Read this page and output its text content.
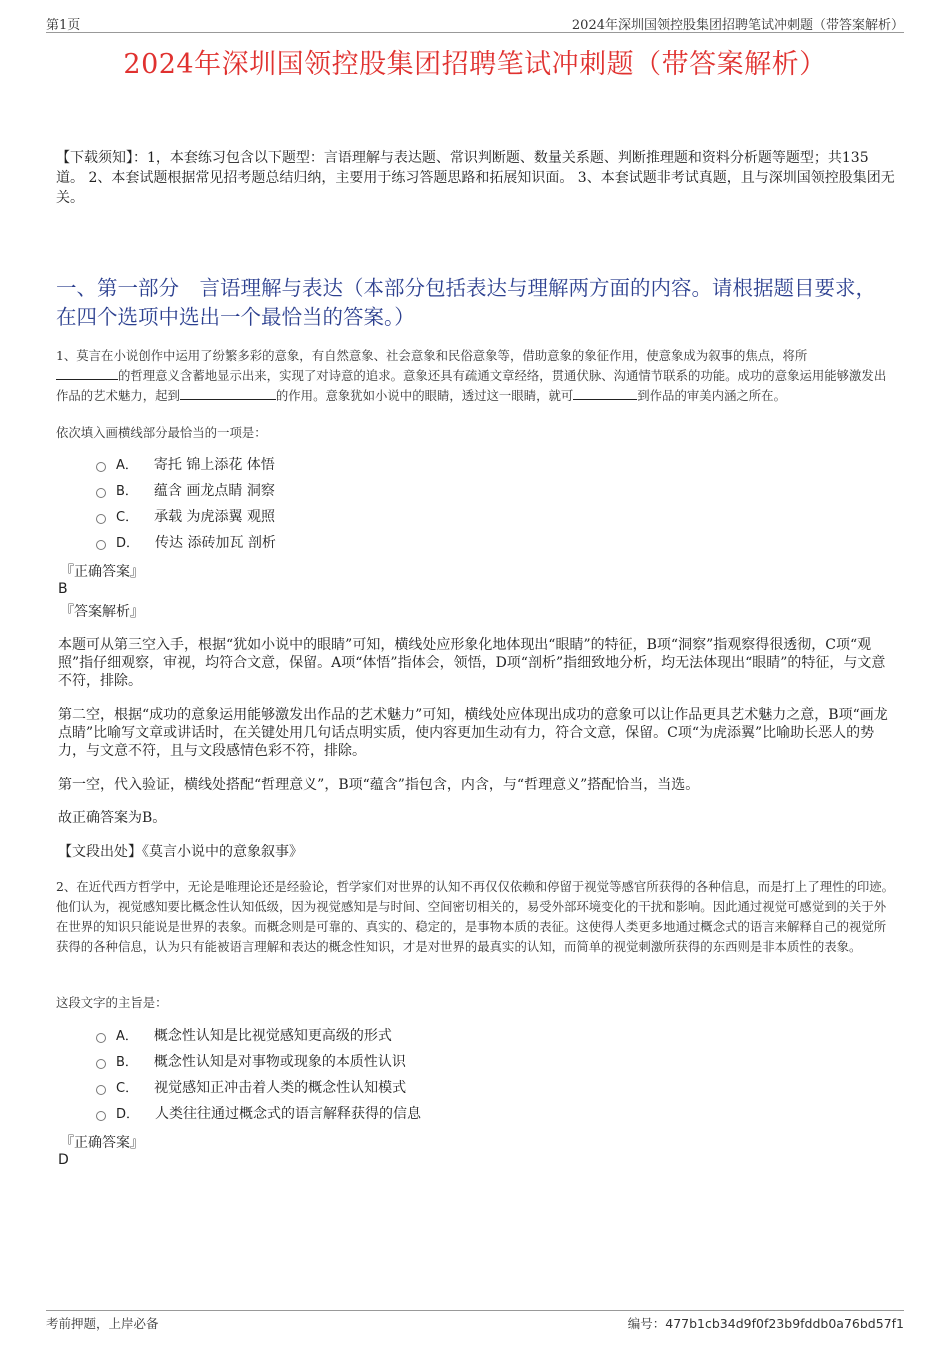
第1页	2024年深圳国领控股集团招聘笔试冲刺题（带答案解析）
2024年深圳国领控股集团招聘笔试冲刺题（带答案解析）
【下载须知】：1，本套练习包含以下题型：言语理解与表达题、常识判断题、数量关系题、判断推理题和资料分析题等题型；共135道。 2、本套试题根据常见招考题总结归纳，主要用于练习答题思路和拓展知识面。 3、本套试题非考试真题，且与深圳国领控股集团无关。
一、第一部分　言语理解与表达（本部分包括表达与理解两方面的内容。请根据题目要求，在四个选项中选出一个最恰当的答案。）
1、莫言在小说创作中运用了纷繁多彩的意象，有自然意象、社会意象和民俗意象等，借助意象的象征作用，使意象成为叙事的焦点，将所
的哲理意义含蓄地显示出来，实现了对诗意的追求。意象还具有疏通文章经络，贯通伏脉、沟通情节联系的功能。成功的意象运用能够激发出作品的艺术魅力，起到	的作用。意象犹如小说中的眼睛，透过这一眼睛，就可	到作品的审美内涵之所在。
依次填入画横线部分最恰当的一项是：
A． 寄托 锦上添花 体悟
B． 蕴含 画龙点睛 洞察
C． 承载 为虎添翼 观照
D． 传达 添砖加瓦 剖析
『正确答案』
B
『答案解析』
本题可从第三空入手，根据“犹如小说中的眼睛”可知，横线处应形象化地体现出“眼睛”的特征，B项“洞察”指观察得很透彻，C项“观照”指仔细观察，审视，均符合文意，保留。A项“体悟”指体会，领悟，D项“剖析”指细致地分析，均无法体现出“眼睛”的特征，与文意不符，排除。
第二空，根据“成功的意象运用能够激发出作品的艺术魅力”可知，横线处应体现出成功的意象可以让作品更具艺术魅力之意，B项“画龙点睛”比喻写文章或讲话时，在关键处用几句话点明实质，使内容更加生动有力，符合文意，保留。C项“为虎添翼”比喻助长恶人的势力，与文意不符，且与文段感情色彩不符，排除。
第一空，代入验证，横线处搭配“哲理意义”，B项“蕴含”指包含，内含，与“哲理意义”搭配恰当，当选。
故正确答案为B。
【文段出处】《莫言小说中的意象叙事》
2、在近代西方哲学中，无论是唯理论还是经验论，哲学家们对世界的认知不再仅仅依赖和停留于视觉等感官所获得的各种信息，而是打上了理性的印迹。他们认为，视觉感知要比概念性认知低级，因为视觉感知是与时间、空间密切相关的，易受外部环境变化的干扰和影响。因此通过视觉可感觉到的关于外在世界的知识只能说是世界的表象。而概念则是可靠的、真实的、稳定的，是事物本质的表征。这使得人类更多地通过概念式的语言来解释自己的视觉所获得的各种信息，认为只有能被语言理解和表达的概念性知识，才是对世界的最真实的认知，而简单的视觉刺激所获得的东西则是非本质性的表象。
这段文字的主旨是：
A． 概念性认知是比视觉感知更高级的形式
B． 概念性认知是对事物或现象的本质性认识
C． 视觉感知正冲击着人类的概念性认知模式
D． 人类往往通过概念式的语言解释获得的信息
『正确答案』
D
考前押题，上岸必备	编号：477b1cb34d9f0f23b9fddb0a76bd57f1
